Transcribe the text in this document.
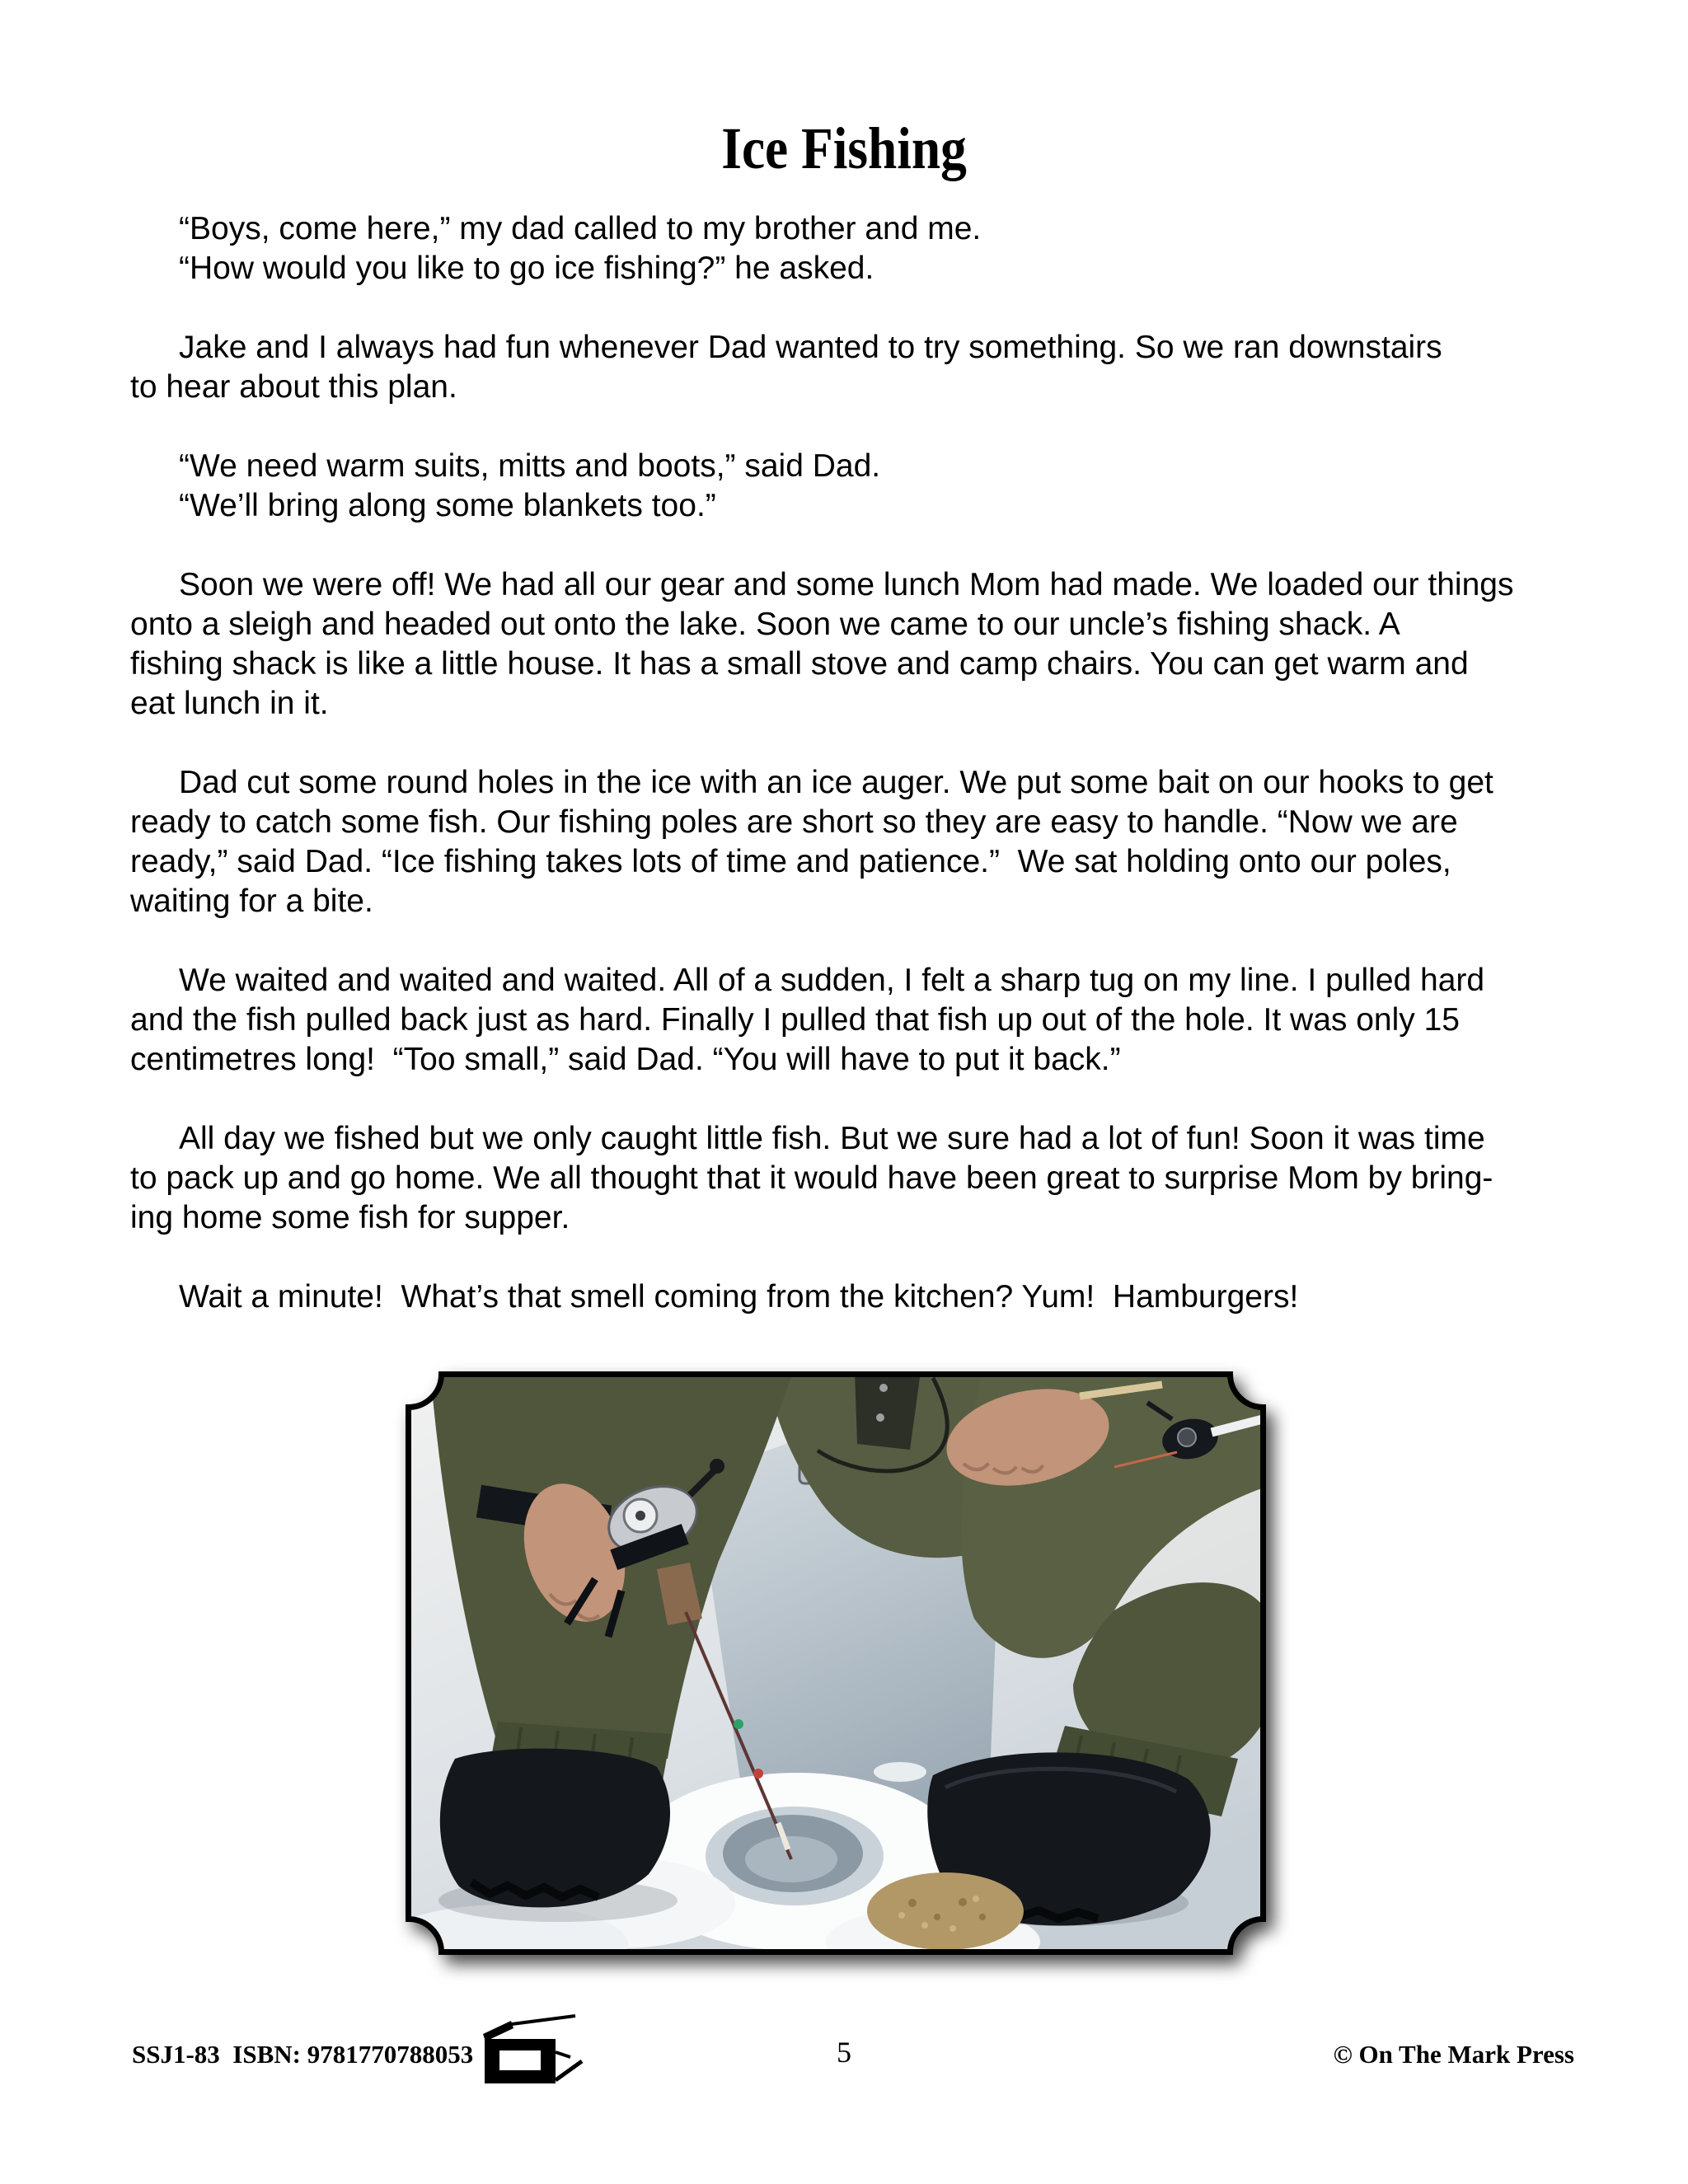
Ice Fishing
“Boys, come here,” my dad called to my brother and me.
“How would you like to go ice fishing?” he asked.
Jake and I always had fun whenever Dad wanted to try something. So we ran downstairs
to hear about this plan.
“We need warm suits, mitts and boots,” said Dad.
“We’ll bring along some blankets too.”
Soon we were off! We had all our gear and some lunch Mom had made. We loaded our things
onto a sleigh and headed out onto the lake. Soon we came to our uncle’s fishing shack. A
fishing shack is like a little house. It has a small stove and camp chairs. You can get warm and
eat lunch in it.
Dad cut some round holes in the ice with an ice auger. We put some bait on our hooks to get
ready to catch some fish. Our fishing poles are short so they are easy to handle. “Now we are
ready,” said Dad. “Ice fishing takes lots of time and patience.”  We sat holding onto our poles,
waiting for a bite.
We waited and waited and waited. All of a sudden, I felt a sharp tug on my line. I pulled hard
and the fish pulled back just as hard. Finally I pulled that fish up out of the hole. It was only 15
centimetres long!  “Too small,” said Dad. “You will have to put it back.”
All day we fished but we only caught little fish. But we sure had a lot of fun! Soon it was time
to pack up and go home. We all thought that it would have been great to surprise Mom by bring-
ing home some fish for supper.
Wait a minute!  What’s that smell coming from the kitchen? Yum!  Hamburgers!
SSJ1-83  ISBN: 9781770788053	5	© On The Mark Press
